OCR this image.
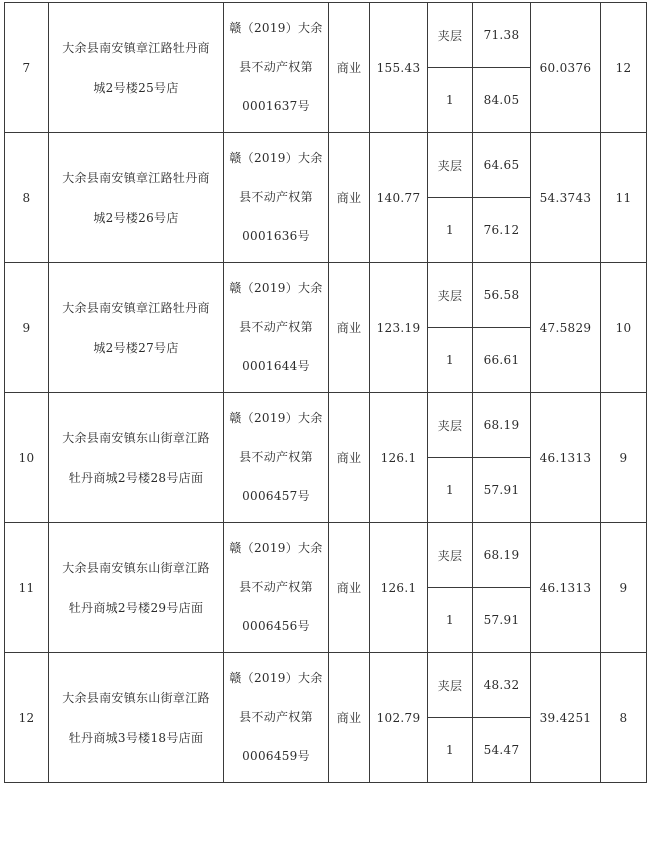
7	大余县南安镇章江路牡丹商
城2号楼25号店	赣（2019）大余
县不动产权第
0001637号	商业	155.43	夹层	71.38	60.0376	12
					1	84.05		
8	大余县南安镇章江路牡丹商
城2号楼26号店	赣（2019）大余
县不动产权第
0001636号	商业	140.77	夹层	64.65	54.3743	11
					1	76.12		
9	大余县南安镇章江路牡丹商
城2号楼27号店	赣（2019）大余
县不动产权第
0001644号	商业	123.19	夹层	56.58	47.5829	10
					1	66.61		
10	大余县南安镇东山街章江路
牡丹商城2号楼28号店面	赣（2019）大余
县不动产权第
0006457号	商业	126.1	夹层	68.19	46.1313	9
					1	57.91		
11	大余县南安镇东山街章江路
牡丹商城2号楼29号店面	赣（2019）大余
县不动产权第
0006456号	商业	126.1	夹层	68.19	46.1313	9
					1	57.91		
12	大余县南安镇东山街章江路
牡丹商城3号楼18号店面	赣（2019）大余
县不动产权第
0006459号	商业	102.79	夹层	48.32	39.4251	8
					1	54.47		
